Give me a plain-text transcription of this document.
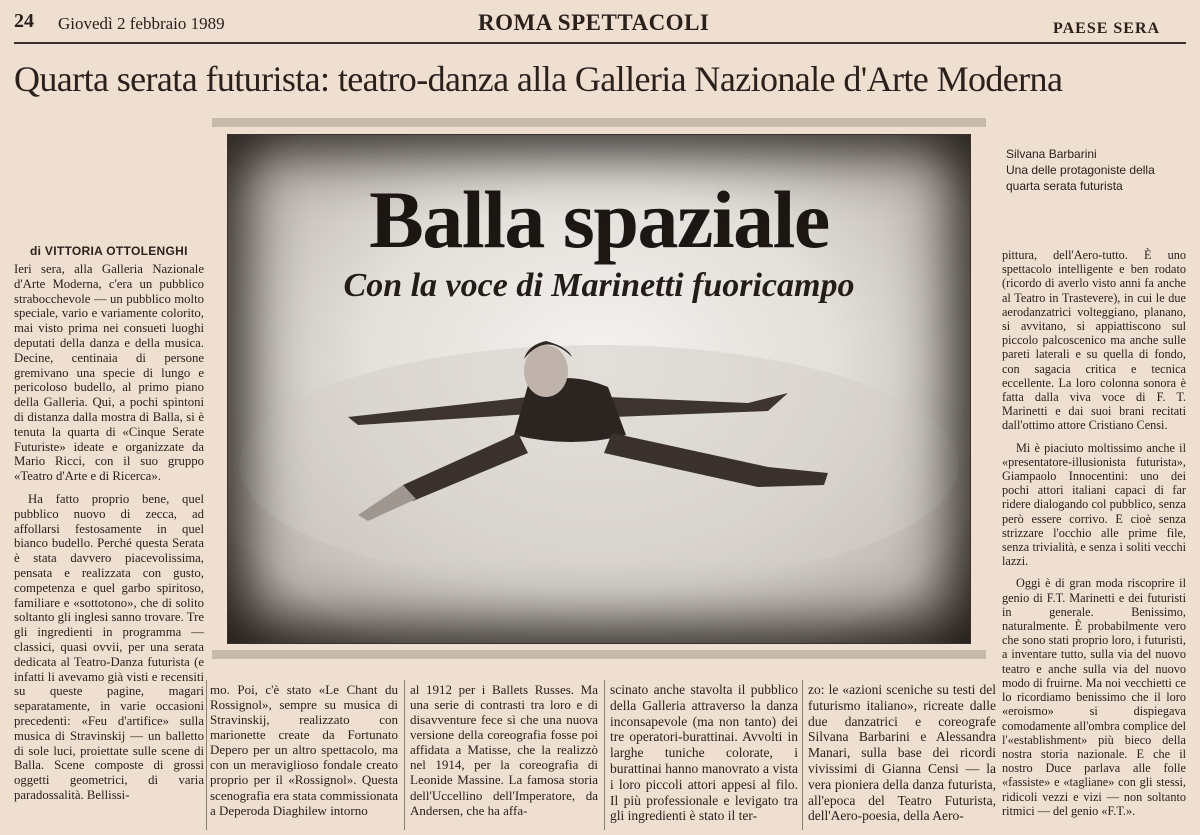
24 Giovedì 2 febbraio 1989	ROMA SPETTACOLI	PAESE SERA
Quarta serata futurista: teatro-danza alla Galleria Nazionale d'Arte Moderna
Balla spaziale
Con la voce di Marinetti fuoricampo
Silvana Barbarini
Una delle protagoniste della quarta serata futurista
di VITTORIA OTTOLENGHI

Ieri sera, alla Galleria Nazionale d'Arte Moderna, c'era un pubblico strabocchevole — un pubblico molto speciale, vario e variamente colorito, mai visto prima nei consueti luoghi deputati della danza e della musica. Decine, centinaia di persone gremivano una specie di lungo e pericoloso budello, al primo piano della Galleria. Qui, a pochi spintoni di distanza dalla mostra di Balla, si è tenuta la quarta di «Cinque Serate Futuriste» ideate e organizzate da Mario Ricci, con il suo gruppo «Teatro d'Arte e di Ricerca».

Ha fatto proprio bene, quel pubblico nuovo di zecca, ad affollarsi festosamente in quel bianco budello. Perché questa Serata è stata davvero piacevolissima, pensata e realizzata con gusto, competenza e quel garbo spiritoso, familiare e «sottotono», che di solito soltanto gli inglesi sanno trovare. Tre gli ingredienti in programma — classici, quasi ovvii, per una serata dedicata al Teatro-Danza futurista (e infatti li avevamo già visti e recensiti su queste pagine, magari separatamente, in varie occasioni precedenti: «Feu d'artifice» sulla musica di Stravinskij — un balletto di sole luci, proiettate sulle scene di Balla. Scene composte di grossi oggetti geometrici, di varia paradossalità. Bellissi-

mo. Poi, c'è stato «Le Chant du Rossignol», sempre su musica di Stravinskij, realizzato con marionette create da Fortunato Depero per un altro spettacolo, ma con un meraviglioso fondale creato proprio per il «Rossignol». Questa scenografia era stata commissionata a Deperoda Diaghilew intorno

al 1912 per i Ballets Russes. Ma una serie di contrasti tra loro e di disavventure fece sì che una nuova versione della coreografia fosse poi affidata a Matisse, che la realizzò nel 1914, per la coreografia di Leonide Massine. La famosa storia dell'Uccellino dell'Imperatore, da Andersen, che ha affa-

scinato anche stavolta il pubblico della Galleria attraverso la danza inconsapevole (ma non tanto) dei tre operatori-burattinai. Avvolti in larghe tuniche colorate, i burattinai hanno manovrato a vista i loro piccoli attori appesi al filo. Il più professionale e levigato tra gli ingredienti è stato il ter-

zo: le «azioni sceniche su testi del futurismo italiano», ricreate dalle due danzatrici e coreografe Silvana Barbarini e Alessandra Manari, sulla base dei ricordi vivissimi di Gianna Censi — la vera pioniera della danza futurista, all'epoca del Teatro Futurista, dell'Aero-poesia, della Aero-

pittura, dell'Aero-tutto. È uno spettacolo intelligente e ben rodato (ricordo di averlo visto anni fa anche al Teatro in Trastevere), in cui le due aerodanzatrici volteggiano, planano, si avvitano, si appiattiscono sul piccolo palcoscenico ma anche sulle pareti laterali e su quella di fondo, con sagacia critica e tecnica eccellente. La loro colonna sonora è fatta dalla viva voce di F. T. Marinetti e dai suoi brani recitati dall'ottimo attore Cristiano Censi.

Mi è piaciuto moltissimo anche il «presentatore-illusionista futurista», Giampaolo Innocentini: uno dei pochi attori italiani capaci di far ridere dialogando col pubblico, senza però essere corrivo. E cioè senza strizzare l'occhio alle prime file, senza trivialità, e senza i soliti vecchi lazzi.

Oggi è di gran moda riscoprire il genio di F.T. Marinetti e dei futuristi in generale. Benissimo, naturalmente. È probabilmente vero che sono stati proprio loro, i futuristi, a inventare tutto, sulla via del nuovo teatro e anche sulla via del nuovo modo di fruirne. Ma noi vecchietti ce lo ricordiamo benissimo che il loro «eroismo» si dispiegava comodamente all'ombra complice del l'«establishment» più bieco della nostra storia nazionale. E che il nostro Duce parlava alle folle «fassiste» e «tagliane» con gli stessi, ridicoli vezzi e vizi — non soltanto ritmici — del genio «F.T.».
